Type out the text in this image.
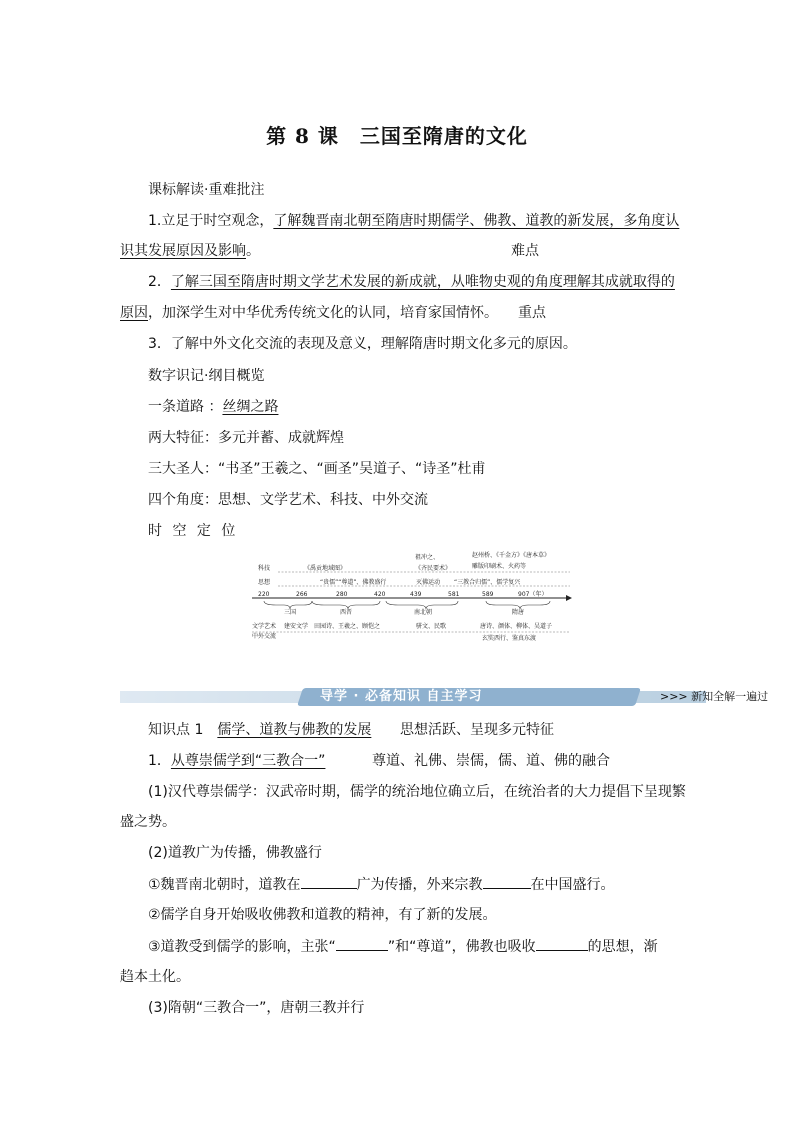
第 8 课　三国至隋唐的文化
课标解读·重难批注
1.立足于时空观念，了解魏晋南北朝至隋唐时期儒学、佛教、道教的新发展，多角度认
识其发展原因及影响。	难点
2．了解三国至隋唐时期文学艺术发展的新成就，从唯物史观的角度理解其成就取得的
原因，加深学生对中华优秀传统文化的认同，培育家国情怀。 重点
3．了解中外文化交流的表现及意义，理解隋唐时期文化多元的原因。
数字识记·纲目概览
一条道路 ：丝绸之路
两大特征：多元并蓄、成就辉煌
三大圣人：“书圣”王羲之、“画圣”吴道子、“诗圣”杜甫
四个角度：思想、文学艺术、科技、中外交流
时 空 定 位
科技
思想
文学艺术
中外交流
祖冲之、	赵州桥、《千金方》《唐本草》
《禹贡地域图》	《齐民要术》	雕版印刷术、火药等
“贵儒”“尊道”、佛教盛行	灭佛运动 “三教合归儒”、儒学复兴
220	266	280	420	439	581	589	907（年）
三国	西晋	南北朝	隋唐
建安文学 田园诗、王羲之、顾恺之	骈文、民歌	唐诗、颜体、柳体、吴道子
玄奘西行、鉴真东渡
导学 · 必备知识 自主学习	>>> 新知全解一遍过
知识点 1　儒学、道教与佛教的发展 思想活跃、呈现多元特征
1．从尊崇儒学到“三教合一”	尊道、礼佛、崇儒，儒、道、佛的融合
(1)汉代尊崇儒学：汉武帝时期，儒学的统治地位确立后，在统治者的大力提倡下呈现繁
盛之势。
(2)道教广为传播，佛教盛行
①魏晋南北朝时，道教在	广为传播，外来宗教	在中国盛行。
②儒学自身开始吸收佛教和道教的精神，有了新的发展。
③道教受到儒学的影响，主张“	”和“尊道”，佛教也吸收	的思想，渐
趋本土化。
(3)隋朝“三教合一”，唐朝三教并行
